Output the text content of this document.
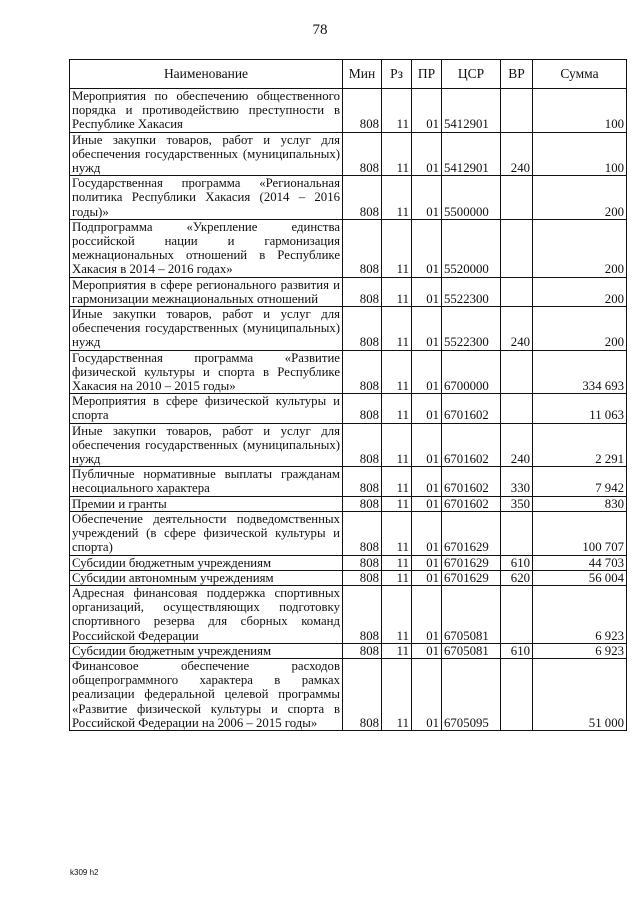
78
Наименование	Мин	Рз	ПР	ЦСР	ВР	Сумма
Мероприятия по обеспечению общественного порядка и противодействию преступности в Республике Хакасия	808	11	01	5412901		100
Иные закупки товаров, работ и услуг для обеспечения государственных (муниципальных) нужд	808	11	01	5412901	240	100
Государственная программа «Региональная политика Республики Хакасия (2014 – 2016 годы)»	808	11	01	5500000		200
Подпрограмма «Укрепление единства российской нации и гармонизация межнациональных отношений в Республике Хакасия в 2014 – 2016 годах»	808	11	01	5520000		200
Мероприятия в сфере регионального развития и гармонизации межнациональных отношений	808	11	01	5522300		200
Иные закупки товаров, работ и услуг для обеспечения государственных (муниципальных) нужд	808	11	01	5522300	240	200
Государственная программа «Развитие физической культуры и спорта в Республике Хакасия на 2010 – 2015 годы»	808	11	01	6700000		334 693
Мероприятия в сфере физической культуры и спорта	808	11	01	6701602		11 063
Иные закупки товаров, работ и услуг для обеспечения государственных (муниципальных) нужд	808	11	01	6701602	240	2 291
Публичные нормативные выплаты гражданам несоциального характера	808	11	01	6701602	330	7 942
Премии и гранты	808	11	01	6701602	350	830
Обеспечение деятельности подведомственных учреждений (в сфере физической культуры и спорта)	808	11	01	6701629		100 707
Субсидии бюджетным учреждениям	808	11	01	6701629	610	44 703
Субсидии автономным учреждениям	808	11	01	6701629	620	56 004
Адресная финансовая поддержка спортивных организаций, осуществляющих подготовку спортивного резерва для сборных команд Российской Федерации	808	11	01	6705081		6 923
Субсидии бюджетным учреждениям	808	11	01	6705081	610	6 923
Финансовое обеспечение расходов общепрограммного характера в рамках реализации федеральной целевой программы «Развитие физической культуры и спорта в Российской Федерации на 2006 – 2015 годы»	808	11	01	6705095		51 000
k309 h2
